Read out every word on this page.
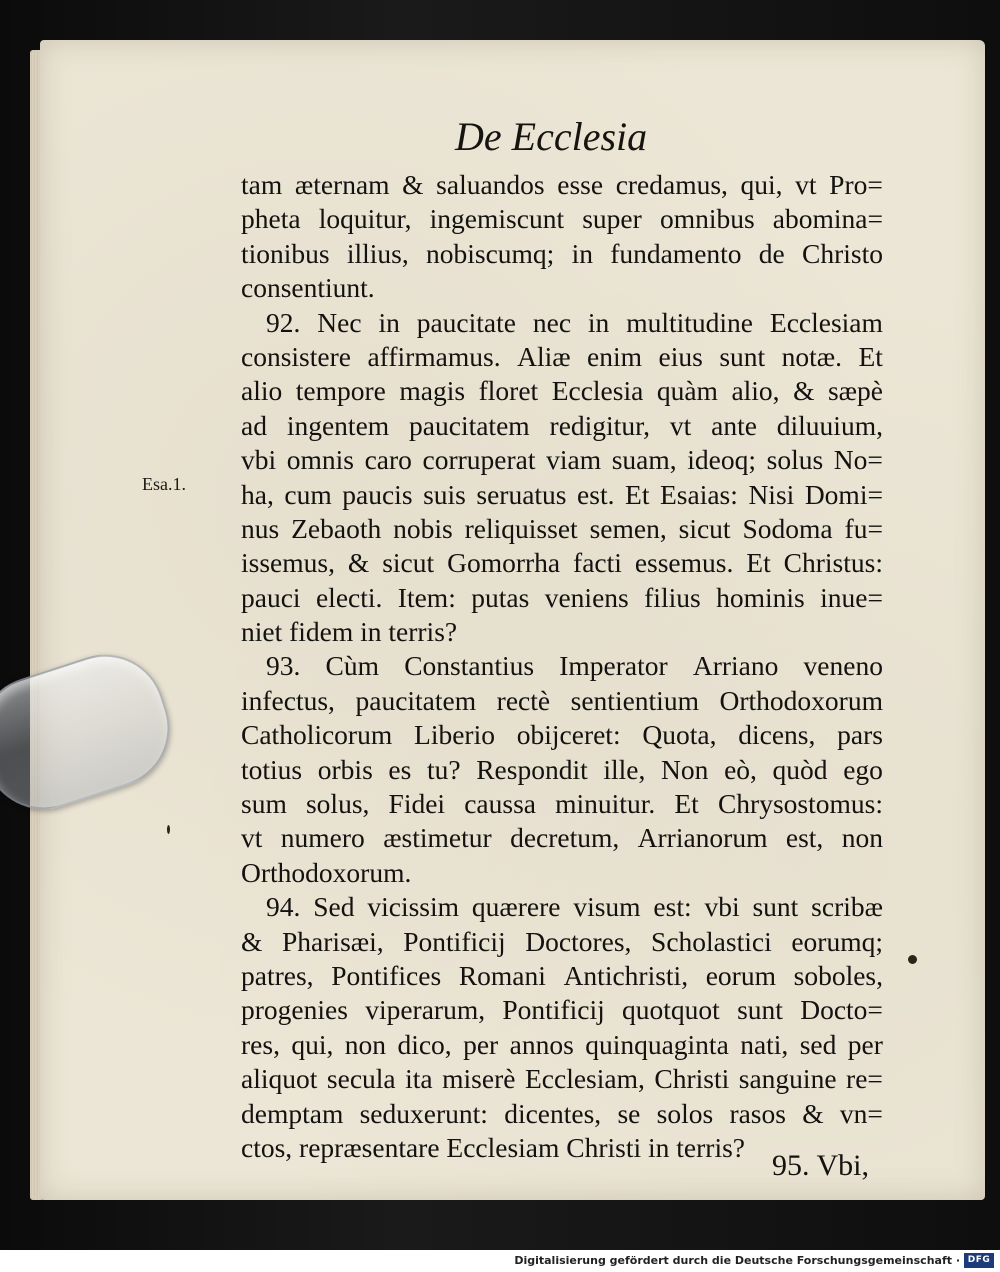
De Ecclesia
Esa.1.
tam æternam & saluandos esse credamus, qui, vt Pro=
pheta loquitur, ingemiscunt super omnibus abomina=
tionibus illius, nobiscumq; in fundamento de Christo
consentiunt.
92. Nec in paucitate nec in multitudine Ecclesiam
consistere affirmamus. Aliæ enim eius sunt notæ. Et
alio tempore magis floret Ecclesia quàm alio, & sæpè
ad ingentem paucitatem redigitur, vt ante diluuium,
vbi omnis caro corruperat viam suam, ideoq; solus No=
ha, cum paucis suis seruatus est. Et Esaias: Nisi Domi=
nus Zebaoth nobis reliquisset semen, sicut Sodoma fu=
issemus, & sicut Gomorrha facti essemus. Et Christus:
pauci electi. Item: putas veniens filius hominis inue=
niet fidem in terris?
93. Cùm Constantius Imperator Arriano veneno
infectus, paucitatem rectè sentientium Orthodoxorum
Catholicorum Liberio obijceret: Quota, dicens, pars
totius orbis es tu? Respondit ille, Non eò, quòd ego
sum solus, Fidei caussa minuitur. Et Chrysostomus:
vt numero æstimetur decretum, Arrianorum est, non
Orthodoxorum.
94. Sed vicissim quærere visum est: vbi sunt scribæ
& Pharisæi, Pontificij Doctores, Scholastici eorumq;
patres, Pontifices Romani Antichristi, eorum soboles,
progenies viperarum, Pontificij quotquot sunt Docto=
res, qui, non dico, per annos quinquaginta nati, sed per
aliquot secula ita miserè Ecclesiam, Christi sanguine re=
demptam seduxerunt: dicentes, se solos rasos & vn=
ctos, repræsentare Ecclesiam Christi in terris?
95. Vbi,
Digitalisierung gefördert durch die Deutsche Forschungsgemeinschaft · DFG
